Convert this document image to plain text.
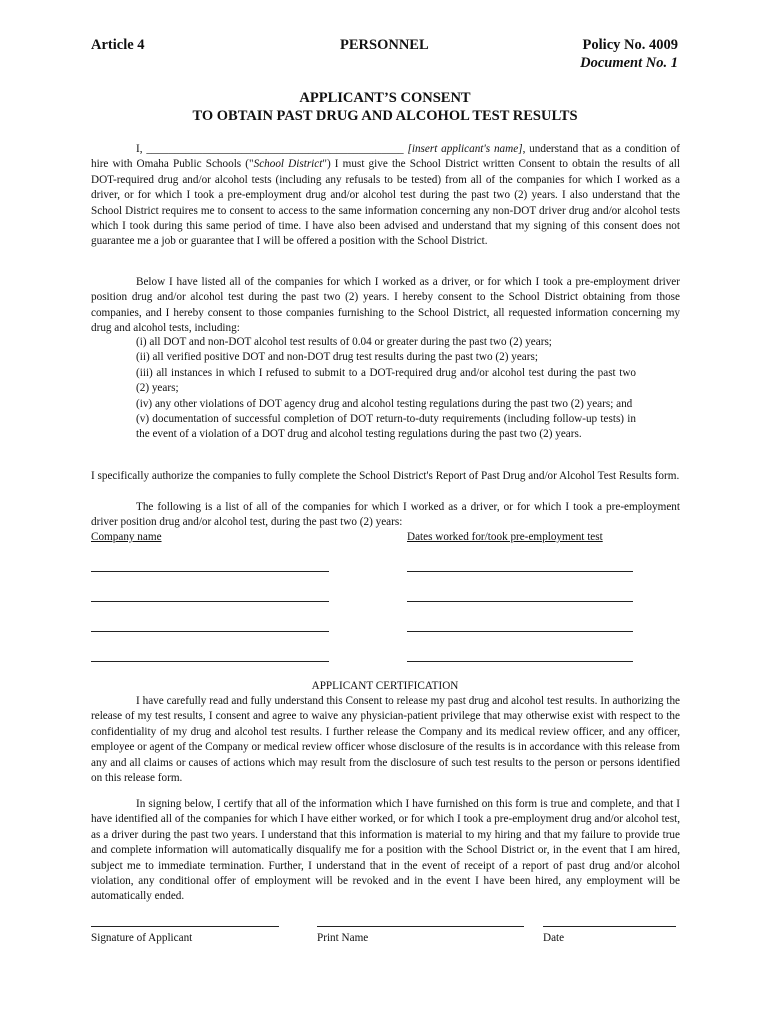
Article 4	PERSONNEL	Policy No. 4009
Document No. 1
APPLICANT’S CONSENT
TO OBTAIN PAST DRUG AND ALCOHOL TEST RESULTS

I, ______________________________________________ [insert applicant's name], understand that as a condition of hire with Omaha Public Schools ("School District") I must give the School District written Consent to obtain the results of all DOT-required drug and/or alcohol tests (including any refusals to be tested) from all of the companies for which I worked as a driver, or for which I took a pre-employment drug and/or alcohol test during the past two (2) years. I also understand that the School District requires me to consent to access to the same information concerning any non-DOT driver drug and/or alcohol tests which I took during this same period of time. I have also been advised and understand that my signing of this consent does not guarantee me a job or guarantee that I will be offered a position with the School District.

Below I have listed all of the companies for which I worked as a driver, or for which I took a pre-employment driver position drug and/or alcohol test during the past two (2) years. I hereby consent to the School District obtaining from those companies, and I hereby consent to those companies furnishing to the School District, all requested information concerning my drug and alcohol tests, including:

(i) all DOT and non-DOT alcohol test results of 0.04 or greater during the past two (2) years;
(ii) all verified positive DOT and non-DOT drug test results during the past two (2) years;
(iii) all instances in which I refused to submit to a DOT-required drug and/or alcohol test during the past two (2) years;
(iv) any other violations of DOT agency drug and alcohol testing regulations during the past two (2) years; and
(v) documentation of successful completion of DOT return-to-duty requirements (including follow-up tests) in the event of a violation of a DOT drug and alcohol testing regulations during the past two (2) years.

I specifically authorize the companies to fully complete the School District's Report of Past Drug and/or Alcohol Test Results form.

The following is a list of all of the companies for which I worked as a driver, or for which I took a pre-employment driver position drug and/or alcohol test, during the past two (2) years:

Company name	Dates worked for/took pre-employment test
APPLICANT CERTIFICATION

I have carefully read and fully understand this Consent to release my past drug and alcohol test results. In authorizing the release of my test results, I consent and agree to waive any physician-patient privilege that may otherwise exist with respect to the confidentiality of my drug and alcohol test results. I further release the Company and its medical review officer, and any officer, employee or agent of the Company or medical review officer whose disclosure of the results is in accordance with this release from any and all claims or causes of actions which may result from the disclosure of such test results to the person or persons identified on this release form.

In signing below, I certify that all of the information which I have furnished on this form is true and complete, and that I have identified all of the companies for which I have either worked, or for which I took a pre-employment drug and/or alcohol test, as a driver during the past two years. I understand that this information is material to my hiring and that my failure to provide true and complete information will automatically disqualify me for a position with the School District or, in the event that I am hired, subject me to immediate termination. Further, I understand that in the event of receipt of a report of past drug and/or alcohol violation, any conditional offer of employment will be revoked and in the event I have been hired, any employment will be automatically ended.

Signature of Applicant	Print Name	Date
